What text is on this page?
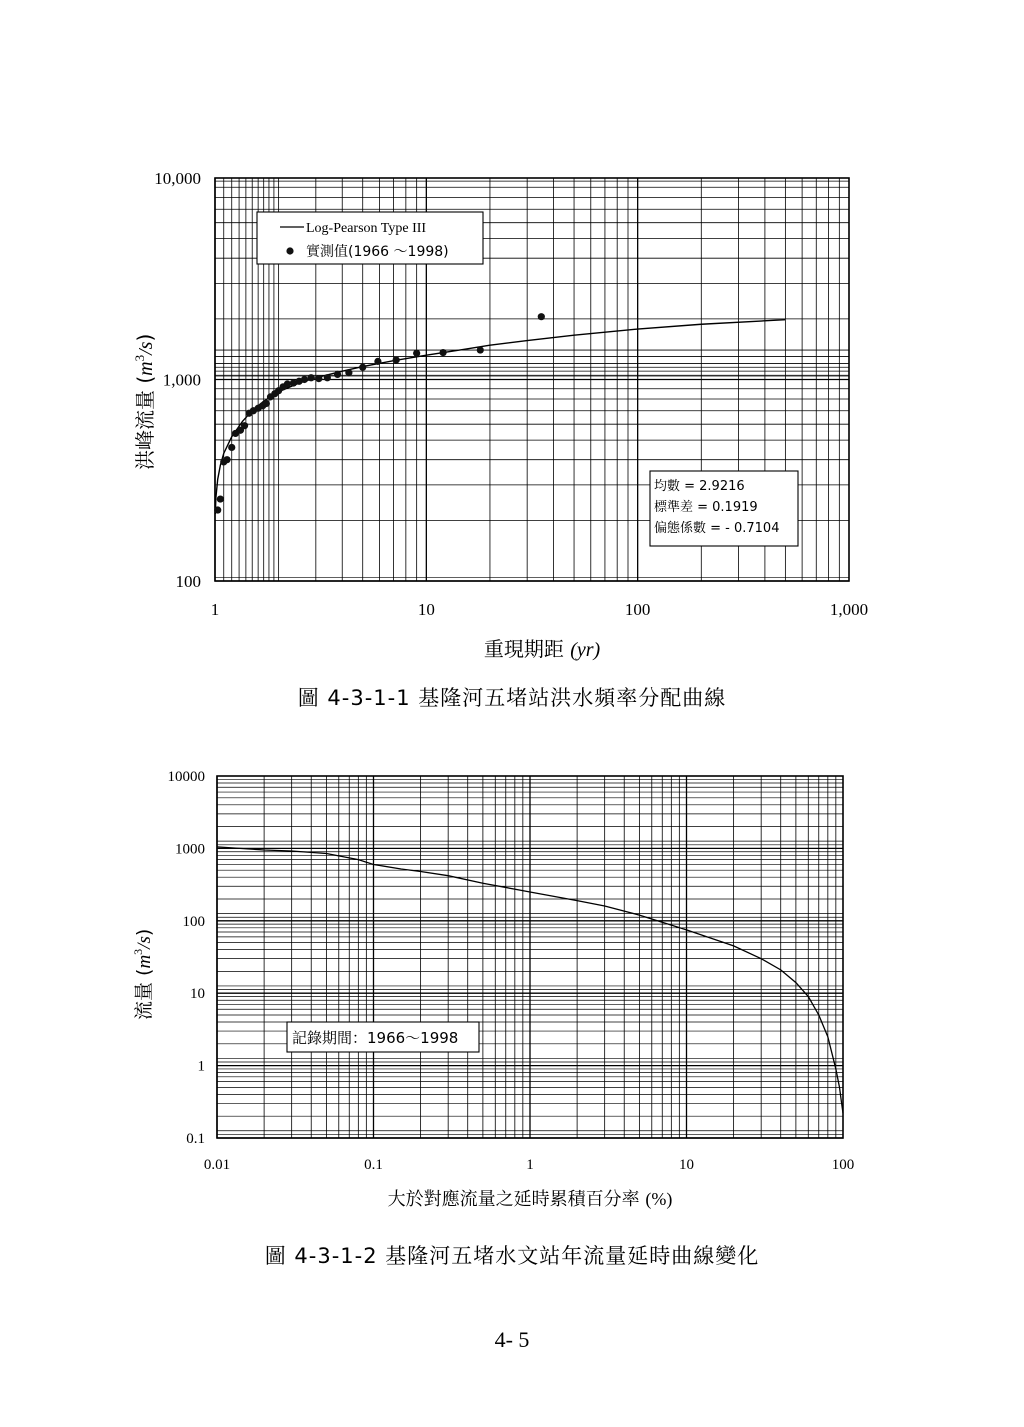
1	10	100	1,000
100
1,000
10,000
重現期距 (yr)
洪峰流量 $(m^3/s)$
Log-Pearson Type III
實測值(1966 ～1998)
均數 = 2.9216
標準差 = 0.1919
偏態係數 = - 0.7104
0.01	0.1	1	10	100
0.1
1
10
100
1000
10000
大於對應流量之延時累積百分率 (%)
流量 $(m^3/s)$
記錄期間：1966～1998
圖 4-3-1-1 基隆河五堵站洪水頻率分配曲線
圖 4-3-1-2 基隆河五堵水文站年流量延時曲線變化
4- 5
